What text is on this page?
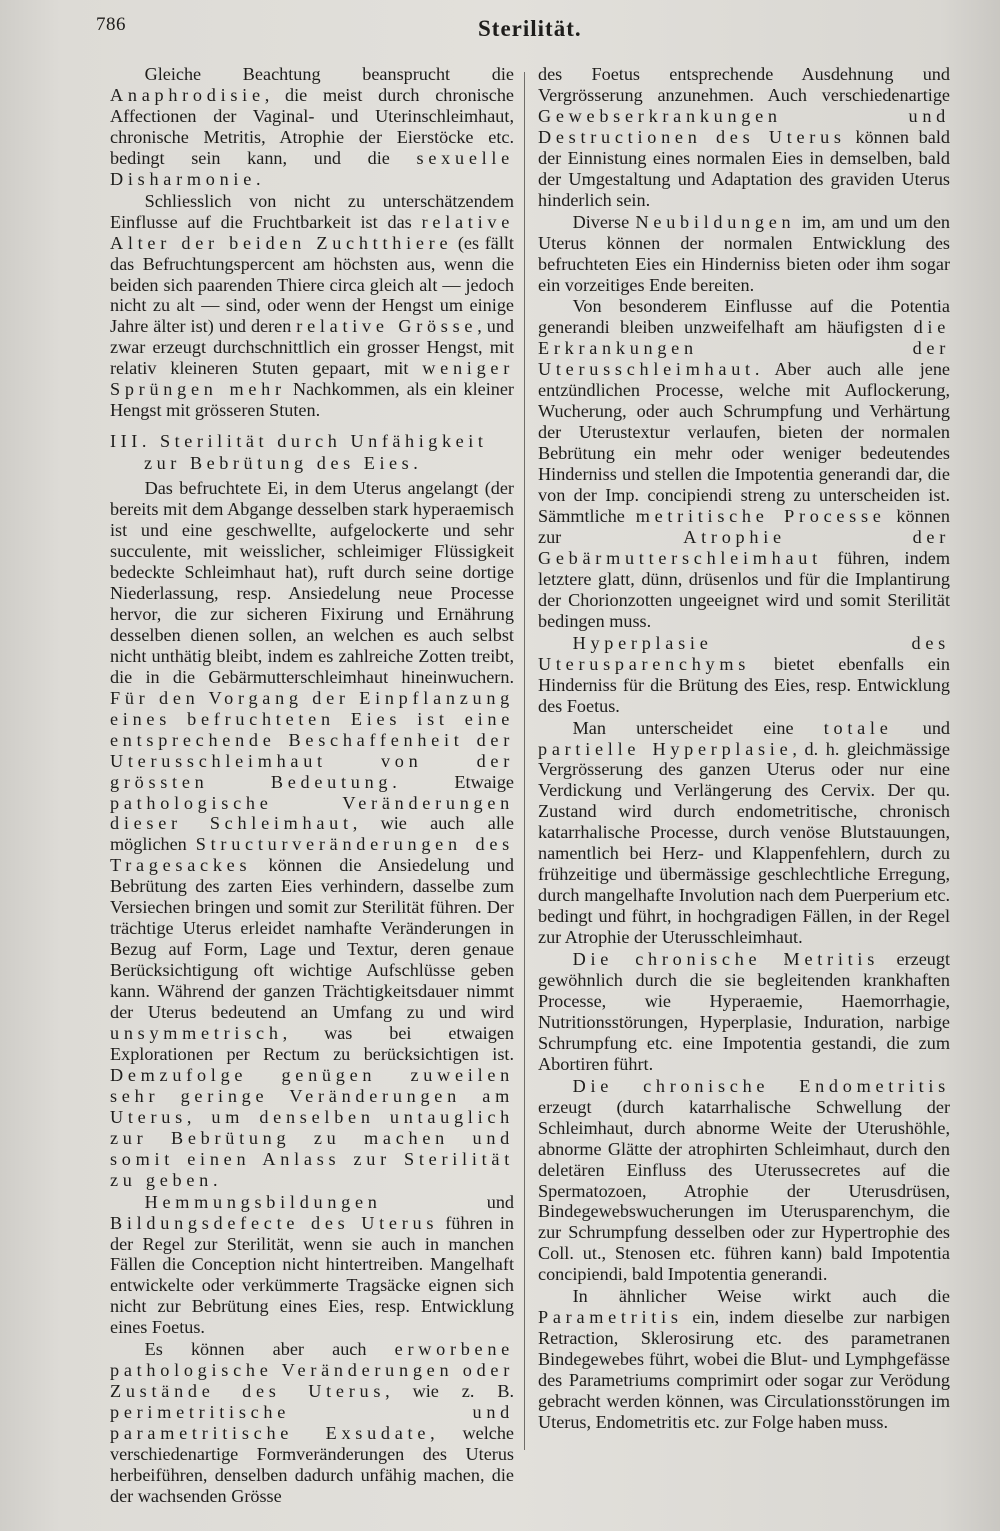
786	Sterilität.

Gleiche Beachtung beansprucht die Anaphrodisie, die meist durch chronische Affectionen der Vaginal- und Uterinschleimhaut, chronische Metritis, Atrophie der Eierstöcke etc. bedingt sein kann, und die sexuelle Disharmonie.

Schliesslich von nicht zu unterschätzendem Einflusse auf die Fruchtbarkeit ist das relative Alter der beiden Zuchtthiere (es fällt das Befruchtungspercent am höchsten aus, wenn die beiden sich paarenden Thiere circa gleich alt — jedoch nicht zu alt — sind, oder wenn der Hengst um einige Jahre älter ist) und deren relative Grösse, und zwar erzeugt durchschnittlich ein grosser Hengst, mit relativ kleineren Stuten gepaart, mit weniger Sprüngen mehr Nachkommen, als ein kleiner Hengst mit grösseren Stuten.

III. Sterilität durch Unfähigkeit
zur Bebrütung des Eies.

Das befruchtete Ei, in dem Uterus angelangt (der bereits mit dem Abgange desselben stark hyperaemisch ist und eine geschwellte, aufgelockerte und sehr succulente, mit weisslicher, schleimiger Flüssigkeit bedeckte Schleimhaut hat), ruft durch seine dortige Niederlassung, resp. Ansiedelung neue Processe hervor, die zur sicheren Fixirung und Ernährung desselben dienen sollen, an welchen es auch selbst nicht unthätig bleibt, indem es zahlreiche Zotten treibt, die in die Gebärmutterschleimhaut hineinwuchern. Für den Vorgang der Einpflanzung eines befruchteten Eies ist eine entsprechende Beschaffenheit der Uterusschleimhaut von der grössten Bedeutung. Etwaige pathologische Veränderungen dieser Schleimhaut, wie auch alle möglichen Structurveränderungen des Tragesackes können die Ansiedelung und Bebrütung des zarten Eies verhindern, dasselbe zum Versiechen bringen und somit zur Sterilität führen. Der trächtige Uterus erleidet namhafte Veränderungen in Bezug auf Form, Lage und Textur, deren genaue Berücksichtigung oft wichtige Aufschlüsse geben kann. Während der ganzen Trächtigkeitsdauer nimmt der Uterus bedeutend an Umfang zu und wird unsymmetrisch, was bei etwaigen Explorationen per Rectum zu berücksichtigen ist. Demzufolge genügen zuweilen sehr geringe Veränderungen am Uterus, um denselben untauglich zur Bebrütung zu machen und somit einen Anlass zur Sterilität zu geben.

Hemmungsbildungen und Bildungsdefecte des Uterus führen in der Regel zur Sterilität, wenn sie auch in manchen Fällen die Conception nicht hintertreiben. Mangelhaft entwickelte oder verkümmerte Tragsäcke eignen sich nicht zur Bebrütung eines Eies, resp. Entwicklung eines Foetus.

Es können aber auch erworbene pathologische Veränderungen oder Zustände des Uterus, wie z. B. perimetritische und parametritische Exsudate, welche verschiedenartige Formveränderungen des Uterus herbeiführen, denselben dadurch unfähig machen, die der wachsenden Grösse

des Foetus entsprechende Ausdehnung und Vergrösserung anzunehmen. Auch verschiedenartige Gewebserkrankungen und Destructionen des Uterus können bald der Einnistung eines normalen Eies in demselben, bald der Umgestaltung und Adaptation des graviden Uterus hinderlich sein.

Diverse Neubildungen im, am und um den Uterus können der normalen Entwicklung des befruchteten Eies ein Hinderniss bieten oder ihm sogar ein vorzeitiges Ende bereiten.

Von besonderem Einflusse auf die Potentia generandi bleiben unzweifelhaft am häufigsten die Erkrankungen der Uterusschleimhaut. Aber auch alle jene entzündlichen Processe, welche mit Auflockerung, Wucherung, oder auch Schrumpfung und Verhärtung der Uterustextur verlaufen, bieten der normalen Bebrütung ein mehr oder weniger bedeutendes Hinderniss und stellen die Impotentia generandi dar, die von der Imp. concipiendi streng zu unterscheiden ist. Sämmtliche metritische Processe können zur Atrophie der Gebärmutterschleimhaut führen, indem letztere glatt, dünn, drüsenlos und für die Implantirung der Chorionzotten ungeeignet wird und somit Sterilität bedingen muss.

Hyperplasie des Uterusparenchyms bietet ebenfalls ein Hinderniss für die Brütung des Eies, resp. Entwicklung des Foetus.

Man unterscheidet eine totale und partielle Hyperplasie, d. h. gleichmässige Vergrösserung des ganzen Uterus oder nur eine Verdickung und Verlängerung des Cervix. Der qu. Zustand wird durch endometritische, chronisch katarrhalische Processe, durch venöse Blutstauungen, namentlich bei Herz- und Klappenfehlern, durch zu frühzeitige und übermässige geschlechtliche Erregung, durch mangelhafte Involution nach dem Puerperium etc. bedingt und führt, in hochgradigen Fällen, in der Regel zur Atrophie der Uterusschleimhaut.

Die chronische Metritis erzeugt gewöhnlich durch die sie begleitenden krankhaften Processe, wie Hyperaemie, Haemorrhagie, Nutritionsstörungen, Hyperplasie, Induration, narbige Schrumpfung etc. eine Impotentia gestandi, die zum Abortiren führt.

Die chronische Endometritis erzeugt (durch katarrhalische Schwellung der Schleimhaut, durch abnorme Weite der Uterushöhle, abnorme Glätte der atrophirten Schleimhaut, durch den deletären Einfluss des Uterussecretes auf die Spermatozoen, Atrophie der Uterusdrüsen, Bindegewebswucherungen im Uterusparenchym, die zur Schrumpfung desselben oder zur Hypertrophie des Coll. ut., Stenosen etc. führen kann) bald Impotentia concipiendi, bald Impotentia generandi.

In ähnlicher Weise wirkt auch die Parametritis ein, indem dieselbe zur narbigen Retraction, Sklerosirung etc. des parametranen Bindegewebes führt, wobei die Blut- und Lymphgefässe des Parametriums comprimirt oder sogar zur Verödung gebracht werden können, was Circulationsstörungen im Uterus, Endometritis etc. zur Folge haben muss.
